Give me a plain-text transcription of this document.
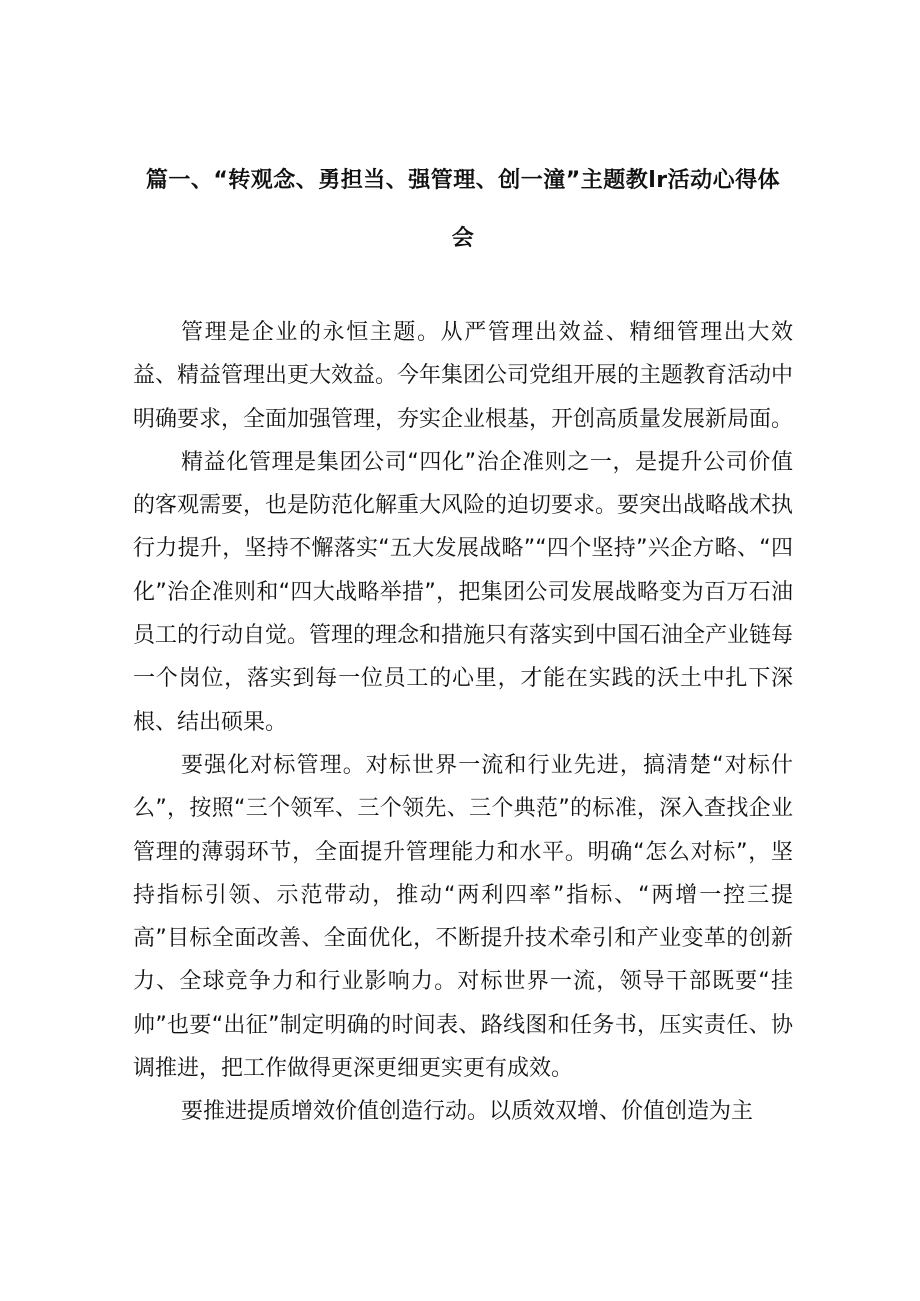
篇一、“转观念、勇担当、强管理、创一潼”主题教lr活动心得体
会

管理是企业的永恒主题。从严管理出效益、精细管理出大效益、精益管理出更大效益。今年集团公司党组开展的主题教育活动中明确要求，全面加强管理，夯实企业根基，开创高质量发展新局面。

精益化管理是集团公司“四化”治企准则之一，是提升公司价值的客观需要，也是防范化解重大风险的迫切要求。要突出战略战术执行力提升，坚持不懈落实“五大发展战略”“四个坚持”兴企方略、“四化”治企准则和“四大战略举措”，把集团公司发展战略变为百万石油员工的行动自觉。管理的理念和措施只有落实到中国石油全产业链每一个岗位，落实到每一位员工的心里，才能在实践的沃土中扎下深根、结出硕果。

要强化对标管理。对标世界一流和行业先进，搞清楚“对标什么”，按照“三个领军、三个领先、三个典范”的标准，深入查找企业管理的薄弱环节，全面提升管理能力和水平。明确“怎么对标”，坚持指标引领、示范带动，推动“两利四率”指标、“两增一控三提高”目标全面改善、全面优化，不断提升技术牵引和产业变革的创新力、全球竞争力和行业影响力。对标世界一流，领导干部既要“挂帅”也要“出征”制定明确的时间表、路线图和任务书，压实责任、协调推进，把工作做得更深更细更实更有成效。

要推进提质增效价值创造行动。以质效双增、价值创造为主
